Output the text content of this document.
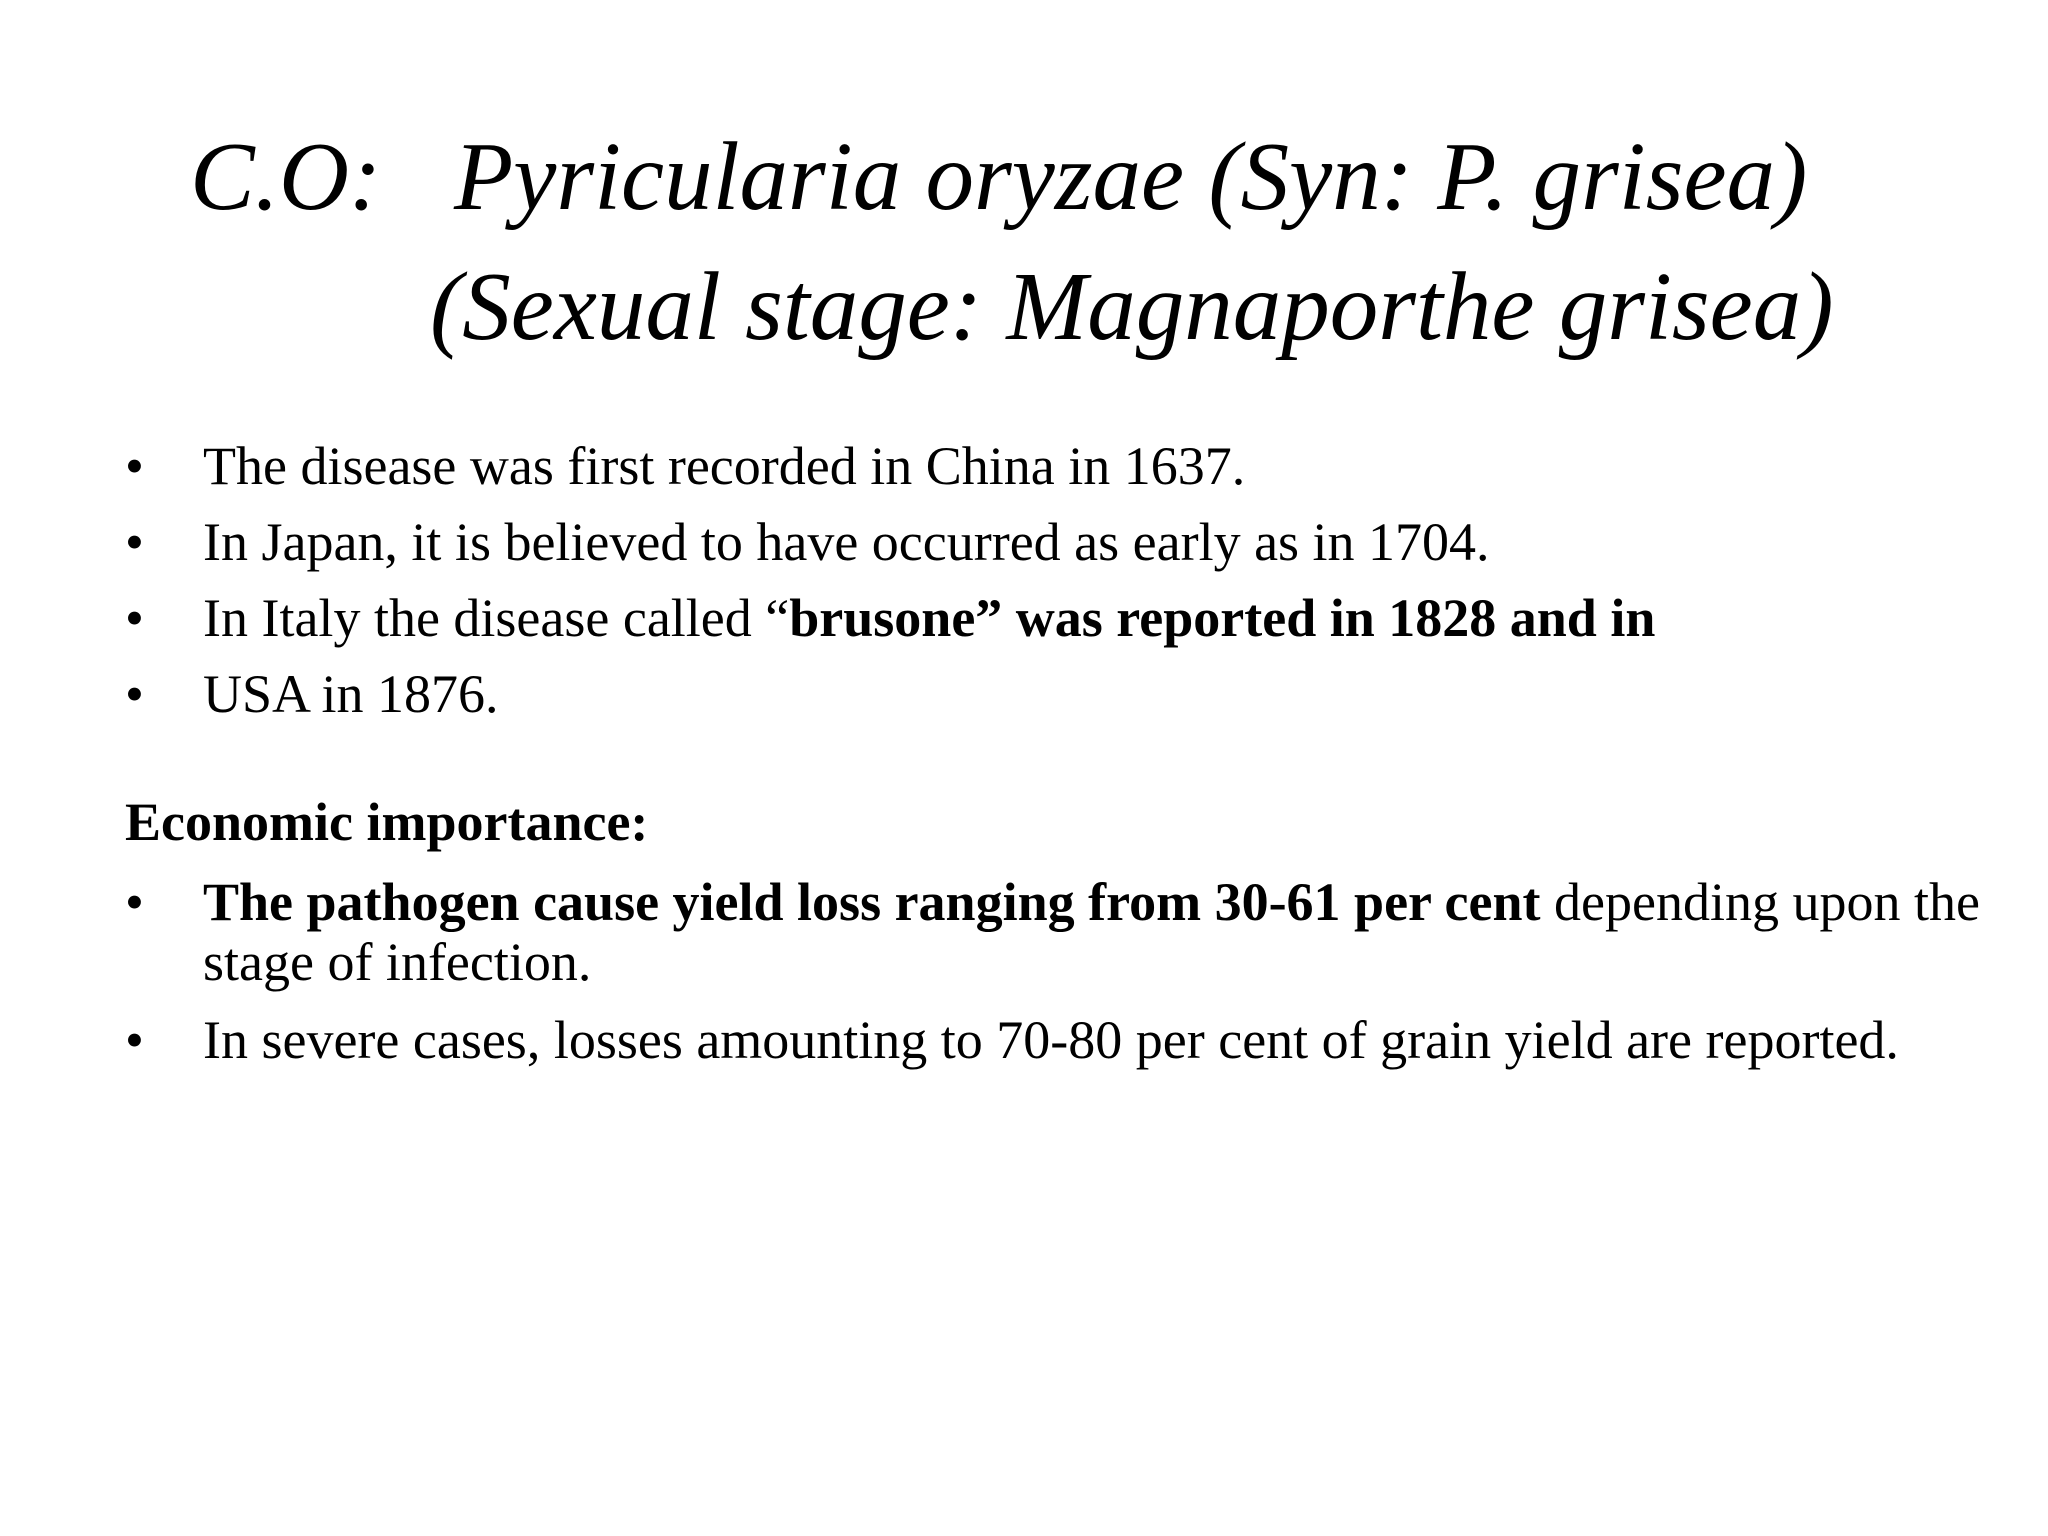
C.O:   Pyricularia oryzae (Syn: P. grisea)
(Sexual stage: Magnaporthe grisea)
•	The disease was first recorded in China in 1637.
•	In Japan, it is believed to have occurred as early as in 1704.
•	In Italy the disease called “brusone” was reported in 1828 and in
•	USA in 1876.
Economic importance:
•	The pathogen cause yield loss ranging from 30-61 per cent depending upon the stage of infection.
•	In severe cases, losses amounting to 70-80 per cent of grain yield are reported.
